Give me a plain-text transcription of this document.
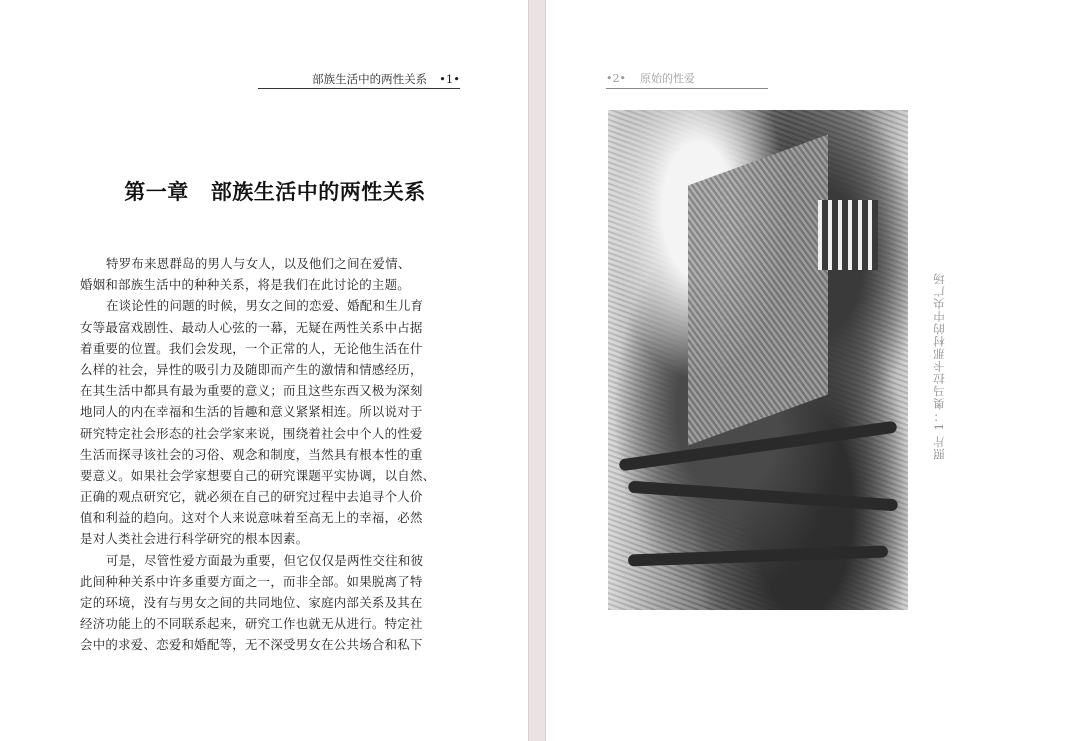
部族生活中的两性关系 •1•
第一章 部族生活中的两性关系
特罗布来恩群岛的男人与女人，以及他们之间在爱情、
婚姻和部族生活中的种种关系，将是我们在此讨论的主题。
在谈论性的问题的时候，男女之间的恋爱、婚配和生儿育
女等最富戏剧性、最动人心弦的一幕，无疑在两性关系中占据
着重要的位置。我们会发现，一个正常的人，无论他生活在什
么样的社会，异性的吸引力及随即而产生的激情和情感经历，
在其生活中都具有最为重要的意义；而且这些东西又极为深刻
地同人的内在幸福和生活的旨趣和意义紧紧相连。所以说对于
研究特定社会形态的社会学家来说，围绕着社会中个人的性爱
生活而探寻该社会的习俗、观念和制度，当然具有根本性的重
要意义。如果社会学家想要自己的研究课题平实协调，以自然、
正确的观点研究它，就必须在自己的研究过程中去追寻个人价
值和利益的趋向。这对个人来说意味着至高无上的幸福，必然
是对人类社会进行科学研究的根本因素。
可是，尽管性爱方面最为重要，但它仅仅是两性交往和彼
此间种种关系中许多重要方面之一，而非全部。如果脱离了特
定的环境，没有与男女之间的共同地位、家庭内部关系及其在
经济功能上的不同联系起来，研究工作也就无从进行。特定社
会中的求爱、恋爱和婚配等，无不深受男女在公共场合和私下
•2• 原始的性爱
照片 1：奥马拉卡那村的中央广场
